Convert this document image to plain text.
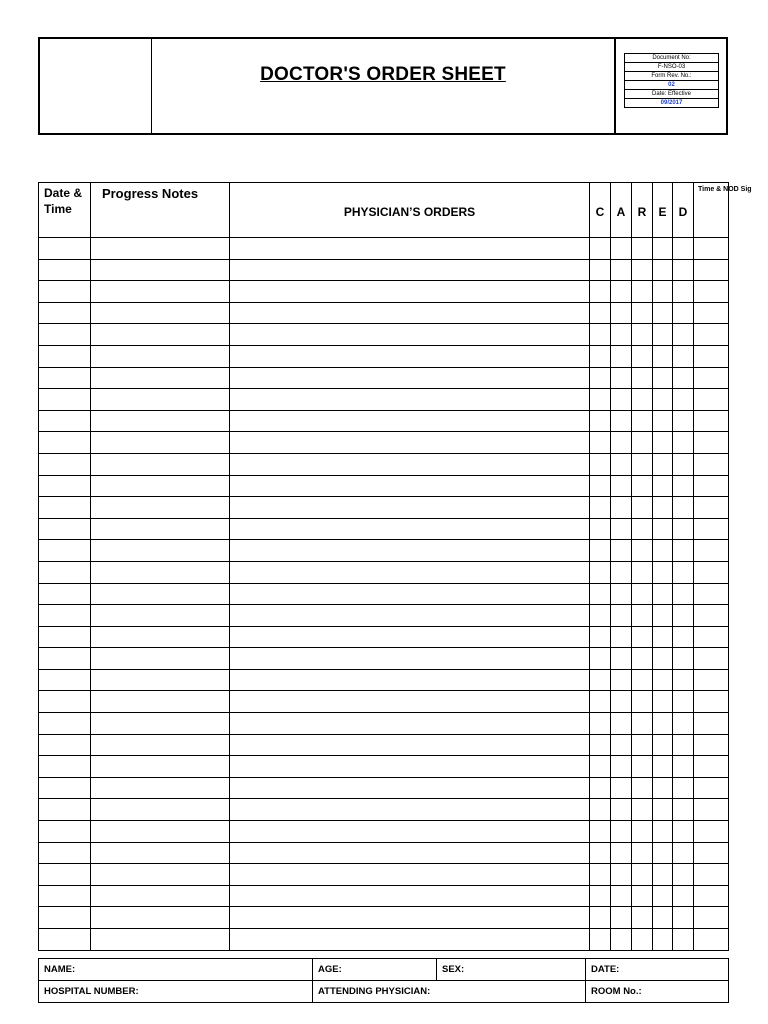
DOCTOR'S ORDER SHEET
Document No:
F-NSO-03
Form Rev. No.:
02
Date: Effective
09/2017
Date & Time	Progress Notes	PHYSICIAN’S ORDERS	C	A	R	E	D	Time & NOD Sig

NAME:	AGE:	SEX:	DATE:
HOSPITAL NUMBER:	ATTENDING PHYSICIAN:		ROOM No.:
